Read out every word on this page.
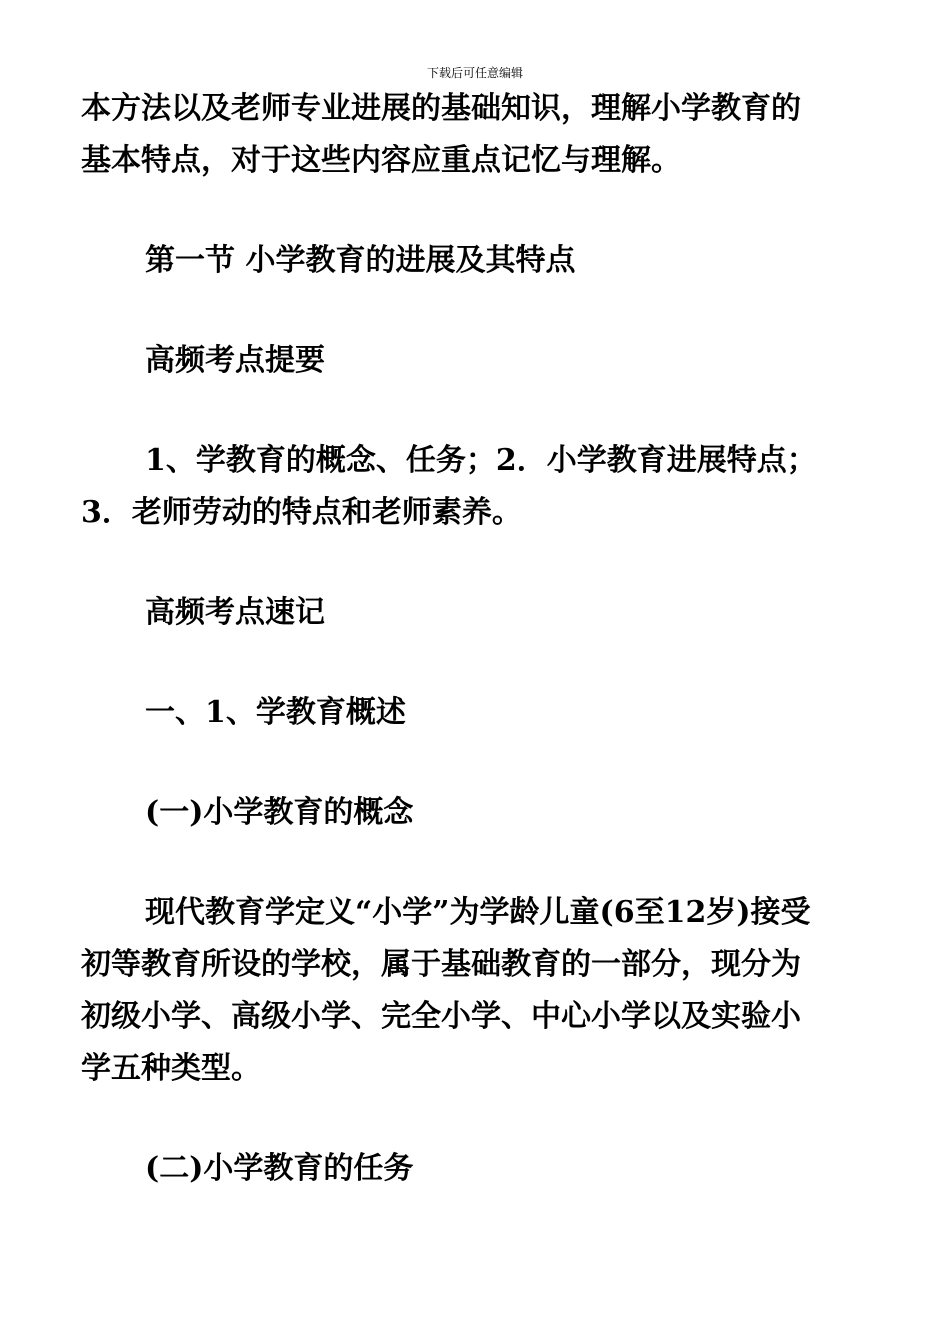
下载后可任意编辑

本方法以及老师专业进展的基础知识，理解小学教育的

基本特点，对于这些内容应重点记忆与理解。

第一节 小学教育的进展及其特点

高频考点提要

1、学教育的概念、任务；2．小学教育进展特点；

3．老师劳动的特点和老师素养。

高频考点速记

一、1、学教育概述

(一)小学教育的概念

现代教育学定义“小学”为学龄儿童(6至12岁)接受

初等教育所设的学校，属于基础教育的一部分，现分为

初级小学、高级小学、完全小学、中心小学以及实验小

学五种类型。

(二)小学教育的任务
